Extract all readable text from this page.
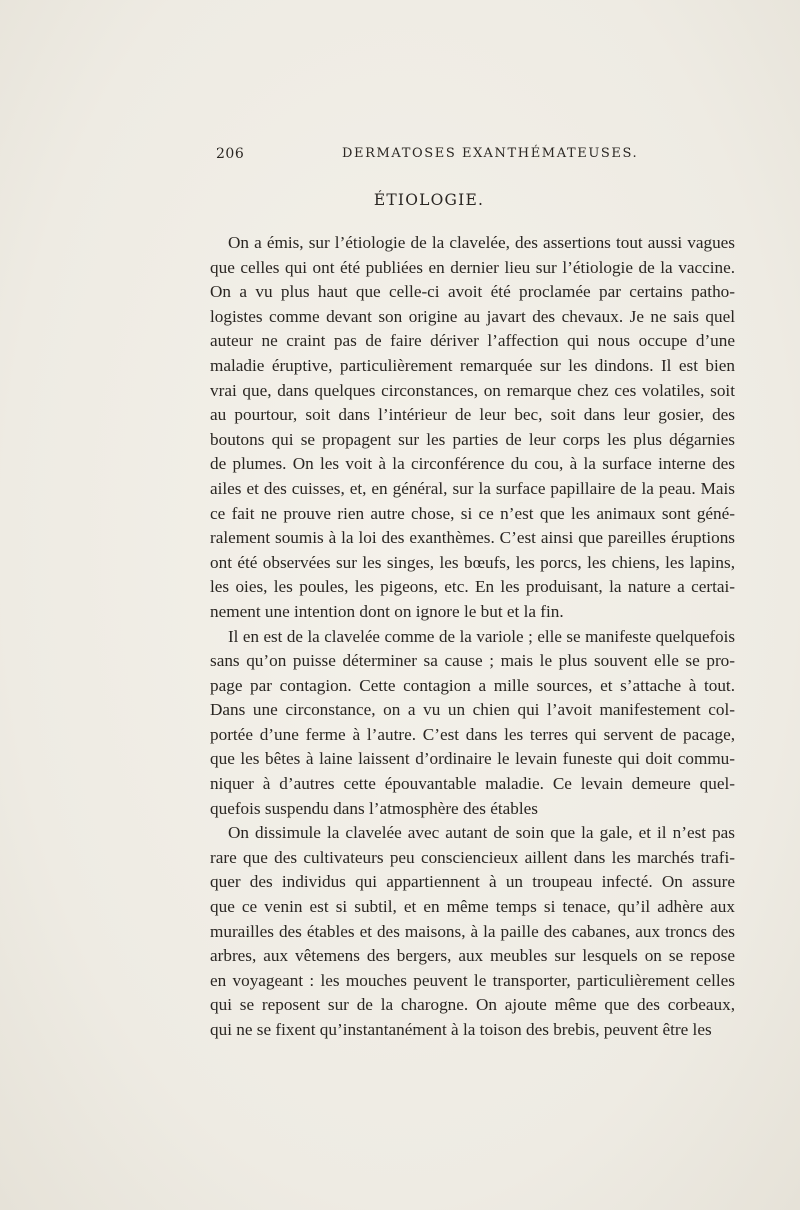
206	DERMATOSES EXANTHÉMATEUSES.
ÉTIOLOGIE.
On a émis, sur l’étiologie de la clavelée, des assertions tout aussi vagues
que celles qui ont été publiées en dernier lieu sur l’étiologie de la vaccine.
On a vu plus haut que celle-ci avoit été proclamée par certains patho-
logistes comme devant son origine au javart des chevaux. Je ne sais quel
auteur ne craint pas de faire dériver l’affection qui nous occupe d’une
maladie éruptive, particulièrement remarquée sur les dindons. Il est bien
vrai que, dans quelques circonstances, on remarque chez ces volatiles, soit
au pourtour, soit dans l’intérieur de leur bec, soit dans leur gosier, des
boutons qui se propagent sur les parties de leur corps les plus dégarnies
de plumes. On les voit à la circonférence du cou, à la surface interne des
ailes et des cuisses, et, en général, sur la surface papillaire de la peau. Mais
ce fait ne prouve rien autre chose, si ce n’est que les animaux sont géné-
ralement soumis à la loi des exanthèmes. C’est ainsi que pareilles éruptions
ont été observées sur les singes, les bœufs, les porcs, les chiens, les lapins,
les oies, les poules, les pigeons, etc. En les produisant, la nature a certai-
nement une intention dont on ignore le but et la fin.
Il en est de la clavelée comme de la variole ; elle se manifeste quelquefois
sans qu’on puisse déterminer sa cause ; mais le plus souvent elle se pro-
page par contagion. Cette contagion a mille sources, et s’attache à tout.
Dans une circonstance, on a vu un chien qui l’avoit manifestement col-
portée d’une ferme à l’autre. C’est dans les terres qui servent de pacage,
que les bêtes à laine laissent d’ordinaire le levain funeste qui doit commu-
niquer à d’autres cette épouvantable maladie. Ce levain demeure quel-
quefois suspendu dans l’atmosphère des étables
On dissimule la clavelée avec autant de soin que la gale, et il n’est pas
rare que des cultivateurs peu consciencieux aillent dans les marchés trafi-
quer des individus qui appartiennent à un troupeau infecté. On assure
que ce venin est si subtil, et en même temps si tenace, qu’il adhère aux
murailles des étables et des maisons, à la paille des cabanes, aux troncs des
arbres, aux vêtemens des bergers, aux meubles sur lesquels on se repose
en voyageant : les mouches peuvent le transporter, particulièrement celles
qui se reposent sur de la charogne. On ajoute même que des corbeaux,
qui ne se fixent qu’instantanément à la toison des brebis, peuvent être les
